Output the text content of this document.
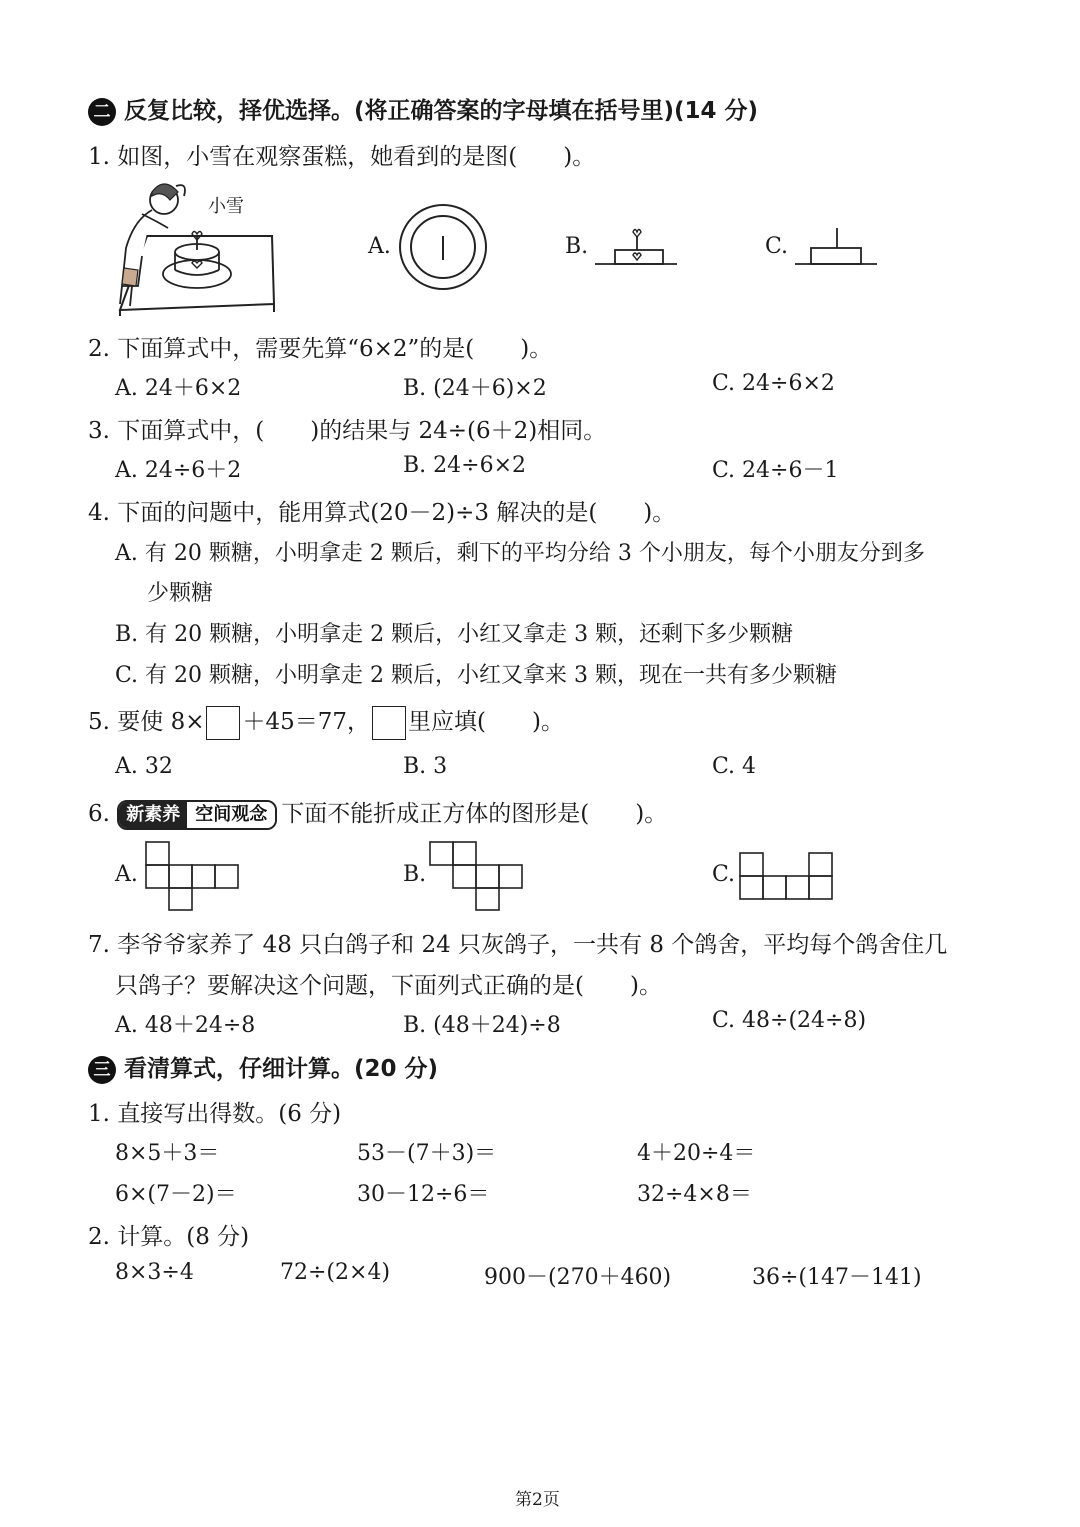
二 反复比较，择优选择。(将正确答案的字母填在括号里)(14 分)
1. 如图，小雪在观察蛋糕，她看到的是图(　　)。
小雪
A.	B.	C.
2. 下面算式中，需要先算“6×2”的是(　　)。
A. 24＋6×2	B. (24＋6)×2	C. 24÷6×2
3. 下面算式中，(　　)的结果与 24÷(6＋2)相同。
A. 24÷6＋2	B. 24÷6×2	C. 24÷6－1
4. 下面的问题中，能用算式(20－2)÷3 解决的是(　　)。
A. 有 20 颗糖，小明拿走 2 颗后，剩下的平均分给 3 个小朋友，每个小朋友分到多
少颗糖
B. 有 20 颗糖，小明拿走 2 颗后，小红又拿走 3 颗，还剩下多少颗糖
C. 有 20 颗糖，小明拿走 2 颗后，小红又拿来 3 颗，现在一共有多少颗糖
5. 要使 8× ＋45＝77， 里应填(　　)。
A. 32	B. 3	C. 4
6. 新素养 空间观念 下面不能折成正方体的图形是(　　)。
A.	B.	C.
7. 李爷爷家养了 48 只白鸽子和 24 只灰鸽子，一共有 8 个鸽舍，平均每个鸽舍住几
只鸽子？要解决这个问题，下面列式正确的是(　　)。
A. 48＋24÷8	B. (48＋24)÷8	C. 48÷(24÷8)
三 看清算式，仔细计算。(20 分)
1. 直接写出得数。(6 分)
8×5＋3＝	53－(7＋3)＝	4＋20÷4＝
6×(7－2)＝	30－12÷6＝	32÷4×8＝
2. 计算。(8 分)
8×3÷4	72÷(2×4)	900－(270＋460)	36÷(147－141)
第2页
